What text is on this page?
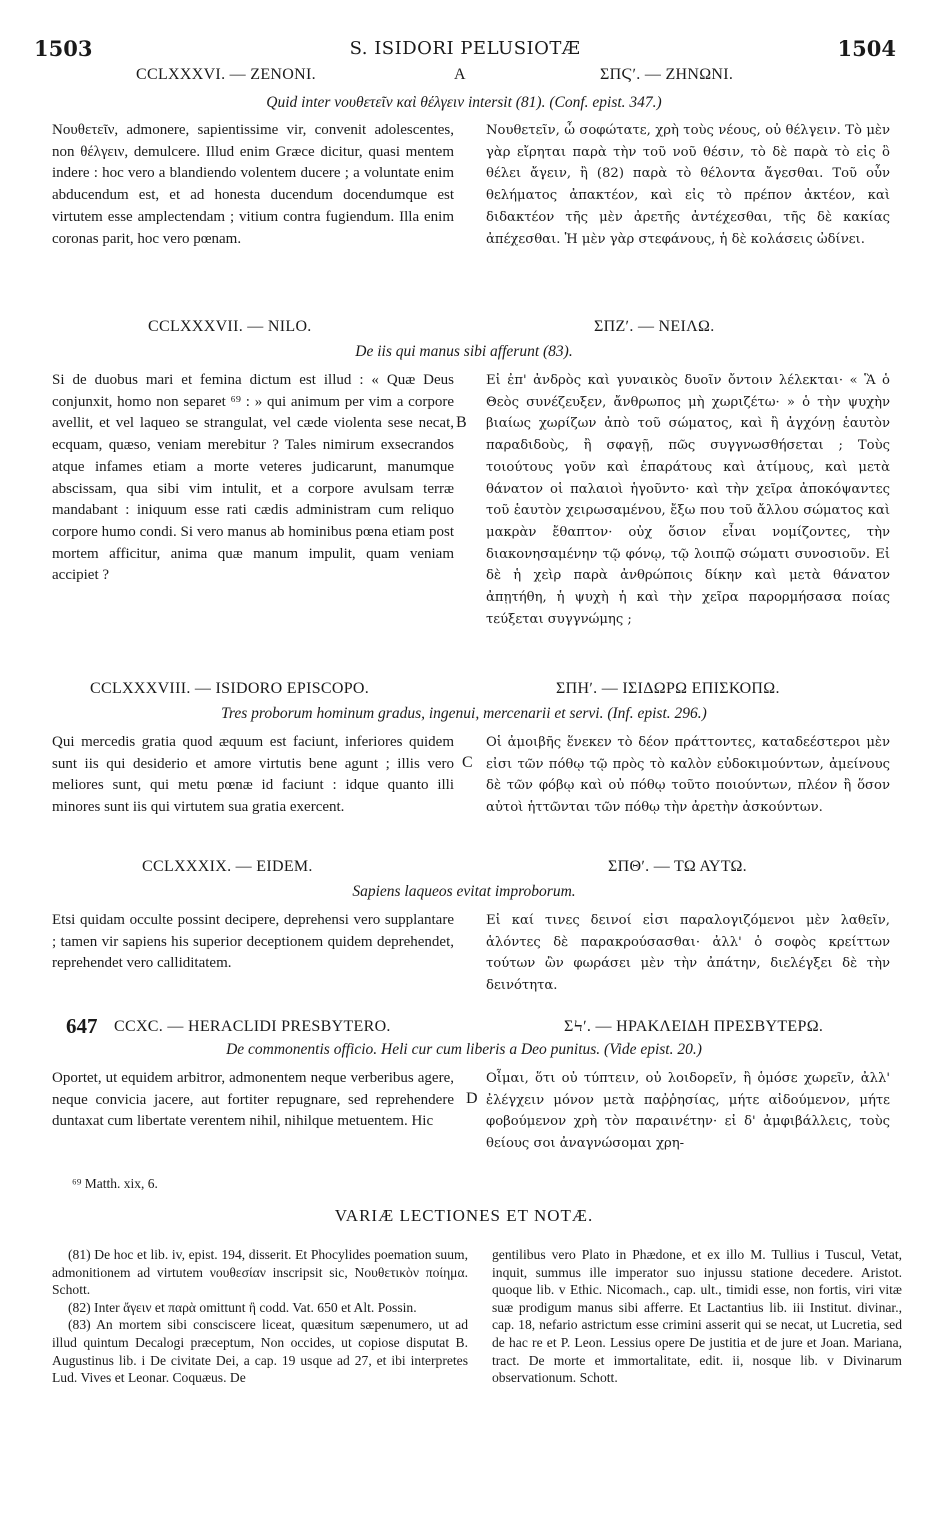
1503	S. ISIDORI PELUSIOTÆ	1504
CCLXXXVI. — ZENONI.	A	ΣΠϚʹ. — ΖΗΝΩΝΙ.
Quid inter νουθετεῖν καὶ θέλγειν intersit (81). (Conf. epist. 347.)

Νουθετεῖν, admonere, sapientissime vir, convenit adolescentes, non θέλγειν, demulcere. Illud enim Græce dicitur, quasi mentem indere : hoc vero a blandiendo volentem ducere ; a voluntate enim abducendum est, et ad honesta ducendum docendumque est virtutem esse amplectendam ; vitium contra fugiendum. Illa enim coronas parit, hoc vero pœnam.

Νουθετεῖν, ὦ σοφώτατε, χρὴ τοὺς νέους, οὐ θέλγειν. Τὸ μὲν γὰρ εἴρηται παρὰ τὴν τοῦ νοῦ θέσιν, τὸ δὲ παρὰ τὸ εἰς ὃ θέλει ἄγειν, ἢ (82) παρὰ τὸ θέλοντα ἄγεσθαι. Τοῦ οὖν θελήματος ἀπακτέον, καὶ εἰς τὸ πρέπον ἀκτέον, καὶ διδακτέον τῆς μὲν ἀρετῆς ἀντέχεσθαι, τῆς δὲ κακίας ἀπέχεσθαι. Ἡ μὲν γὰρ στεφάνους, ἡ δὲ κολάσεις ὠδίνει.

CCLXXXVII. — NILO.	ΣΠΖʹ. — ΝΕΙΛΩ.
De iis qui manus sibi afferunt (83).

Si de duobus mari et femina dictum est illud : « Quæ Deus conjunxit, homo non separet ⁶⁹ : » qui animum per vim a corpore avellit, et vel laqueo se strangulat, vel cæde violenta sese necat, ecquam, quæso, veniam merebitur ? Tales nimirum exsecrandos atque infames etiam a morte veteres judicarunt, manumque abscissam, qua sibi vim intulit, et a corpore avulsam terræ mandabant : iniquum esse rati cædis administram cum reliquo corpore humo condi. Si vero manus ab hominibus pœna etiam post mortem afficitur, anima quæ manum impulit, quam veniam accipiet ?

B

Εἰ ἐπ' ἀνδρὸς καὶ γυναικὸς δυοῖν ὄντοιν λέλεκται· « Ἃ ὁ Θεὸς συνέζευξεν, ἄνθρωπος μὴ χωριζέτω· » ὁ τὴν ψυχὴν βιαίως χωρίζων ἀπὸ τοῦ σώματος, καὶ ἢ ἀγχόνῃ ἑαυτὸν παραδιδοὺς, ἢ σφαγῇ, πῶς συγγνωσθήσεται ; Τοὺς τοιούτους γοῦν καὶ ἐπαράτους καὶ ἀτίμους, καὶ μετὰ θάνατον οἱ παλαιοὶ ἡγοῦντο· καὶ τὴν χεῖρα ἀποκόψαντες τοῦ ἑαυτὸν χειρωσαμένου, ἔξω που τοῦ ἄλλου σώματος καὶ μακρὰν ἔθαπτον· οὐχ ὅσιον εἶναι νομίζοντες, τὴν διακονησαμένην τῷ φόνῳ, τῷ λοιπῷ σώματι συνοσιοῦν. Εἰ δὲ ἡ χεὶρ παρὰ ἀνθρώποις δίκην καὶ μετὰ θάνατον ἀπῃτήθη, ἡ ψυχὴ ἡ καὶ τὴν χεῖρα παρορμήσασα ποίας τεύξεται συγγνώμης ;

CCLXXXVIII. — ISIDORO EPISCOPO.	ΣΠΗʹ. — ΙΣΙΔΩΡΩ ΕΠΙΣΚΟΠΩ.
Tres proborum hominum gradus, ingenui, mercenarii et servi. (Inf. epist. 296.)

Qui mercedis gratia quod æquum est faciunt, inferiores quidem sunt iis qui desiderio et amore virtutis bene agunt ; illis vero meliores sunt, qui metu pœnæ id faciunt : idque quanto illi minores sunt iis qui virtutem sua gratia exercent.

C

Οἱ ἀμοιβῆς ἕνεκεν τὸ δέον πράττοντες, καταδεέστεροι μὲν εἰσι τῶν πόθῳ τῷ πρὸς τὸ καλὸν εὐδοκιμούντων, ἀμείνους δὲ τῶν φόβῳ καὶ οὐ πόθῳ τοῦτο ποιούντων, πλέον ἢ ὅσον αὐτοὶ ἡττῶνται τῶν πόθῳ τὴν ἀρετὴν ἀσκούντων.

CCLXXXIX. — EIDEM.	ΣΠΘʹ. — ΤΩ ΑΥΤΩ.
Sapiens laqueos evitat improborum.

Etsi quidam occulte possint decipere, deprehensi vero supplantare ; tamen vir sapiens his superior deceptionem quidem deprehendet, reprehendet vero calliditatem.

Εἰ καί τινες δεινοί εἰσι παραλογιζόμενοι μὲν λαθεῖν, ἁλόντες δὲ παρακρούσασθαι· ἀλλ' ὁ σοφὸς κρείττων τούτων ὢν φωράσει μὲν τὴν ἀπάτην, διελέγξει δὲ τὴν δεινότητα.

647 CCXC. — HERACLIDI PRESBYTERO.	ΣϞʹ. — ΗΡΑΚΛΕΙΔΗ ΠΡΕΣΒΥΤΕΡΩ.
De commonentis officio. Heli cur cum liberis a Deo punitus. (Vide epist. 20.)

Oportet, ut equidem arbitror, admonentem neque verberibus agere, neque convicia jacere, aut fortiter repugnare, sed reprehendere duntaxat cum libertate verentem nihil, nihilque metuentem. Hic

D

Οἶμαι, ὅτι οὐ τύπτειν, οὐ λοιδορεῖν, ἢ ὁμόσε χωρεῖν, ἀλλ' ἐλέγχειν μόνον μετὰ παῤῥησίας, μήτε αἰδούμενον, μήτε φοβούμενον χρὴ τὸν παραινέτην· εἰ δ' ἀμφιβάλλεις, τοὺς θείους σοι ἀναγνώσομαι χρη-

⁶⁹ Matth. xix, 6.
VARIÆ LECTIONES ET NOTÆ.

(81) De hoc et lib. iv, epist. 194, disserit. Et Phocylides poemation suum, admonitionem ad virtutem νουθεσίαν inscripsit sic, Νουθετικὸν ποίημα. Schott.

(82) Inter ἄγειν et παρὰ omittunt ἢ codd. Vat. 650 et Alt. Possin.

(83) An mortem sibi consciscere liceat, quæsitum sæpenumero, ut ad illud quintum Decalogi præceptum, Non occides, ut copiose disputat B. Augustinus lib. i De civitate Dei, a cap. 19 usque ad 27, et ibi interpretes Lud. Vives et Leonar. Coquæus. De

gentilibus vero Plato in Phædone, et ex illo M. Tullius i Tuscul, Vetat, inquit, summus ille imperator suo injussu statione decedere. Aristot. quoque lib. v Ethic. Nicomach., cap. ult., timidi esse, non fortis, viri vitæ suæ prodigum manus sibi afferre. Et Lactantius lib. iii Institut. divinar., cap. 18, nefario astrictum esse crimini asserit qui se necat, ut Lucretia, sed de hac re et P. Leon. Lessius opere De justitia et de jure et Joan. Mariana, tract. De morte et immortalitate, edit. ii, nosque lib. v Divinarum observationum. Schott.
